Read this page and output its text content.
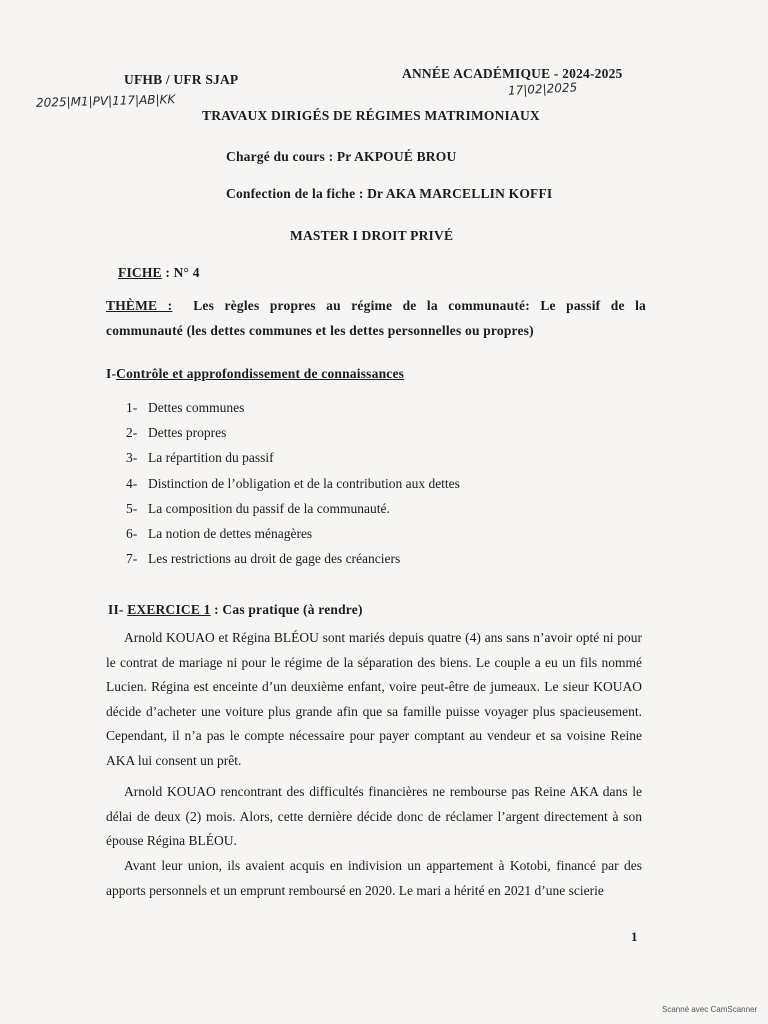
UFHB / UFR SJAP	ANNÉE ACADÉMIQUE - 2024-2025
2025|M1|PV|117|AB|KK
17|02|2025
TRAVAUX DIRIGÉS DE RÉGIMES MATRIMONIAUX
Chargé du cours : Pr AKPOUÉ BROU
Confection de la fiche : Dr AKA MARCELLIN KOFFI
MASTER I DROIT PRIVÉ
FICHE : N° 4
THÈME : Les règles propres au régime de la communauté: Le passif de la
communauté (les dettes communes et les dettes personnelles ou propres)
I-Contrôle et approfondissement de connaissances
1- Dettes communes
2- Dettes propres
3- La répartition du passif
4- Distinction de l’obligation et de la contribution aux dettes
5- La composition du passif de la communauté.
6- La notion de dettes ménagères
7- Les restrictions au droit de gage des créanciers
II- EXERCICE 1 : Cas pratique (à rendre)

Arnold KOUAO et Régina BLÉOU sont mariés depuis quatre (4) ans sans n’avoir opté ni pour le contrat de mariage ni pour le régime de la séparation des biens. Le couple a eu un fils nommé Lucien. Régina est enceinte d’un deuxième enfant, voire peut-être de jumeaux. Le sieur KOUAO décide d’acheter une voiture plus grande afin que sa famille puisse voyager plus spacieusement. Cependant, il n’a pas le compte nécessaire pour payer comptant au vendeur et sa voisine Reine AKA lui consent un prêt.

Arnold KOUAO rencontrant des difficultés financières ne rembourse pas Reine AKA dans le délai de deux (2) mois. Alors, cette dernière décide donc de réclamer l’argent directement à son épouse Régina BLÉOU.

Avant leur union, ils avaient acquis en indivision un appartement à Kotobi, financé par des apports personnels et un emprunt remboursé en 2020. Le mari a hérité en 2021 d’une scierie

1
Scanné avec CamScanner
